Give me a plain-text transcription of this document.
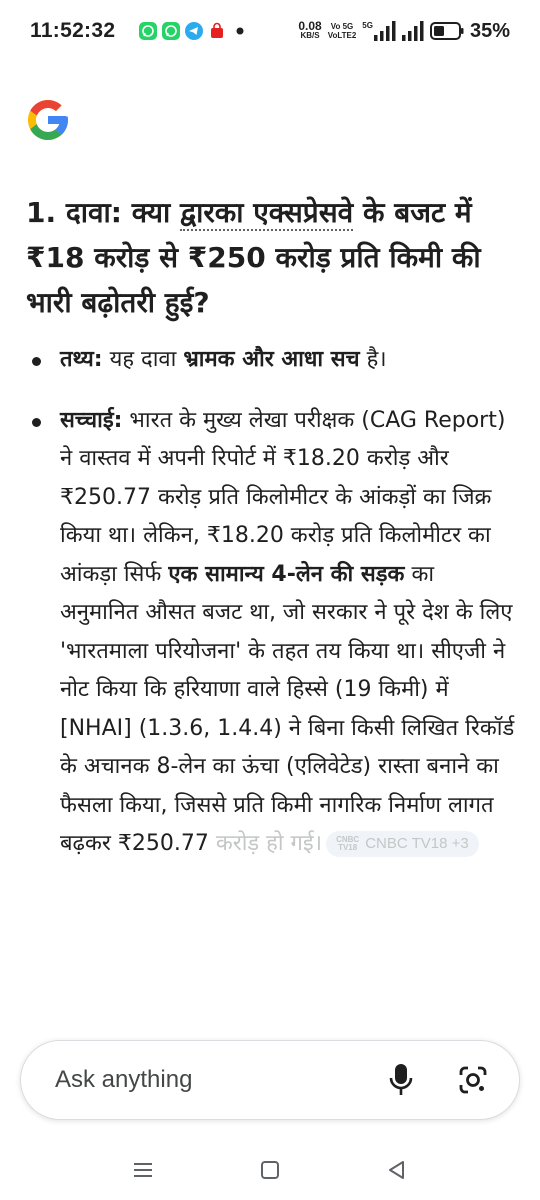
11:52:32	0.08
KB/S
Vo 5G
VoLTE2
5G	35%
1. दावा: क्या द्वारका एक्सप्रेसवे के बजट में ₹18 करोड़ से ₹250 करोड़ प्रति किमी की भारी बढ़ोतरी हुई?
तथ्य: यह दावा भ्रामक और आधा सच है।
सच्चाई: भारत के मुख्य लेखा परीक्षक (CAG Report) ने वास्तव में अपनी रिपोर्ट में ₹18.20 करोड़ और ₹250.77 करोड़ प्रति किलोमीटर के आंकड़ों का जिक्र किया था। लेकिन, ₹18.20 करोड़ प्रति किलोमीटर का आंकड़ा सिर्फ एक सामान्य 4-लेन की सड़क का अनुमानित औसत बजट था, जो सरकार ने पूरे देश के लिए 'भारतमाला परियोजना' के तहत तय किया था। सीएजी ने नोट किया कि हरियाणा वाले हिस्से (19 किमी) में [NHAI] (1.3.6, 1.4.4) ने बिना किसी लिखित रिकॉर्ड के अचानक 8-लेन का ऊंचा (एलिवेटेड) रास्ता बनाने का फैसला किया, जिससे प्रति किमी नागरिक निर्माण लागत बढ़कर ₹250.77 करोड़ हो गई। CNBC
TV18 CNBC TV18 +3
Ask anything
